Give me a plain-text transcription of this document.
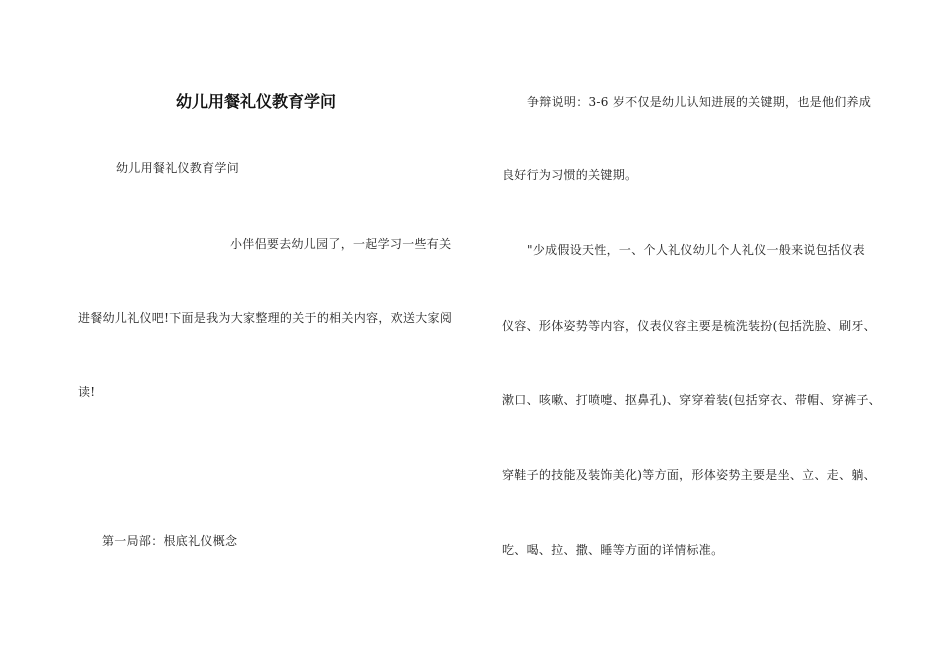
幼儿用餐礼仪教育学问
幼儿用餐礼仪教育学问
小伴侣要去幼儿园了，一起学习一些有关
进餐幼儿礼仪吧!下面是我为大家整理的关于的相关内容，欢送大家阅
读!
第一局部：根底礼仪概念
争辩说明：3-6 岁不仅是幼儿认知进展的关键期，也是他们养成
良好行为习惯的关键期。
"少成假设天性，一、个人礼仪幼儿个人礼仪一般来说包括仪表
仪容、形体姿势等内容，仪表仪容主要是梳洗装扮(包括洗脸、刷牙、
漱口、咳嗽、打喷嚏、抠鼻孔)、穿穿着装(包括穿衣、带帽、穿裤子、
穿鞋子的技能及装饰美化)等方面，形体姿势主要是坐、立、走、躺、
吃、喝、拉、撒、睡等方面的详情标准。
